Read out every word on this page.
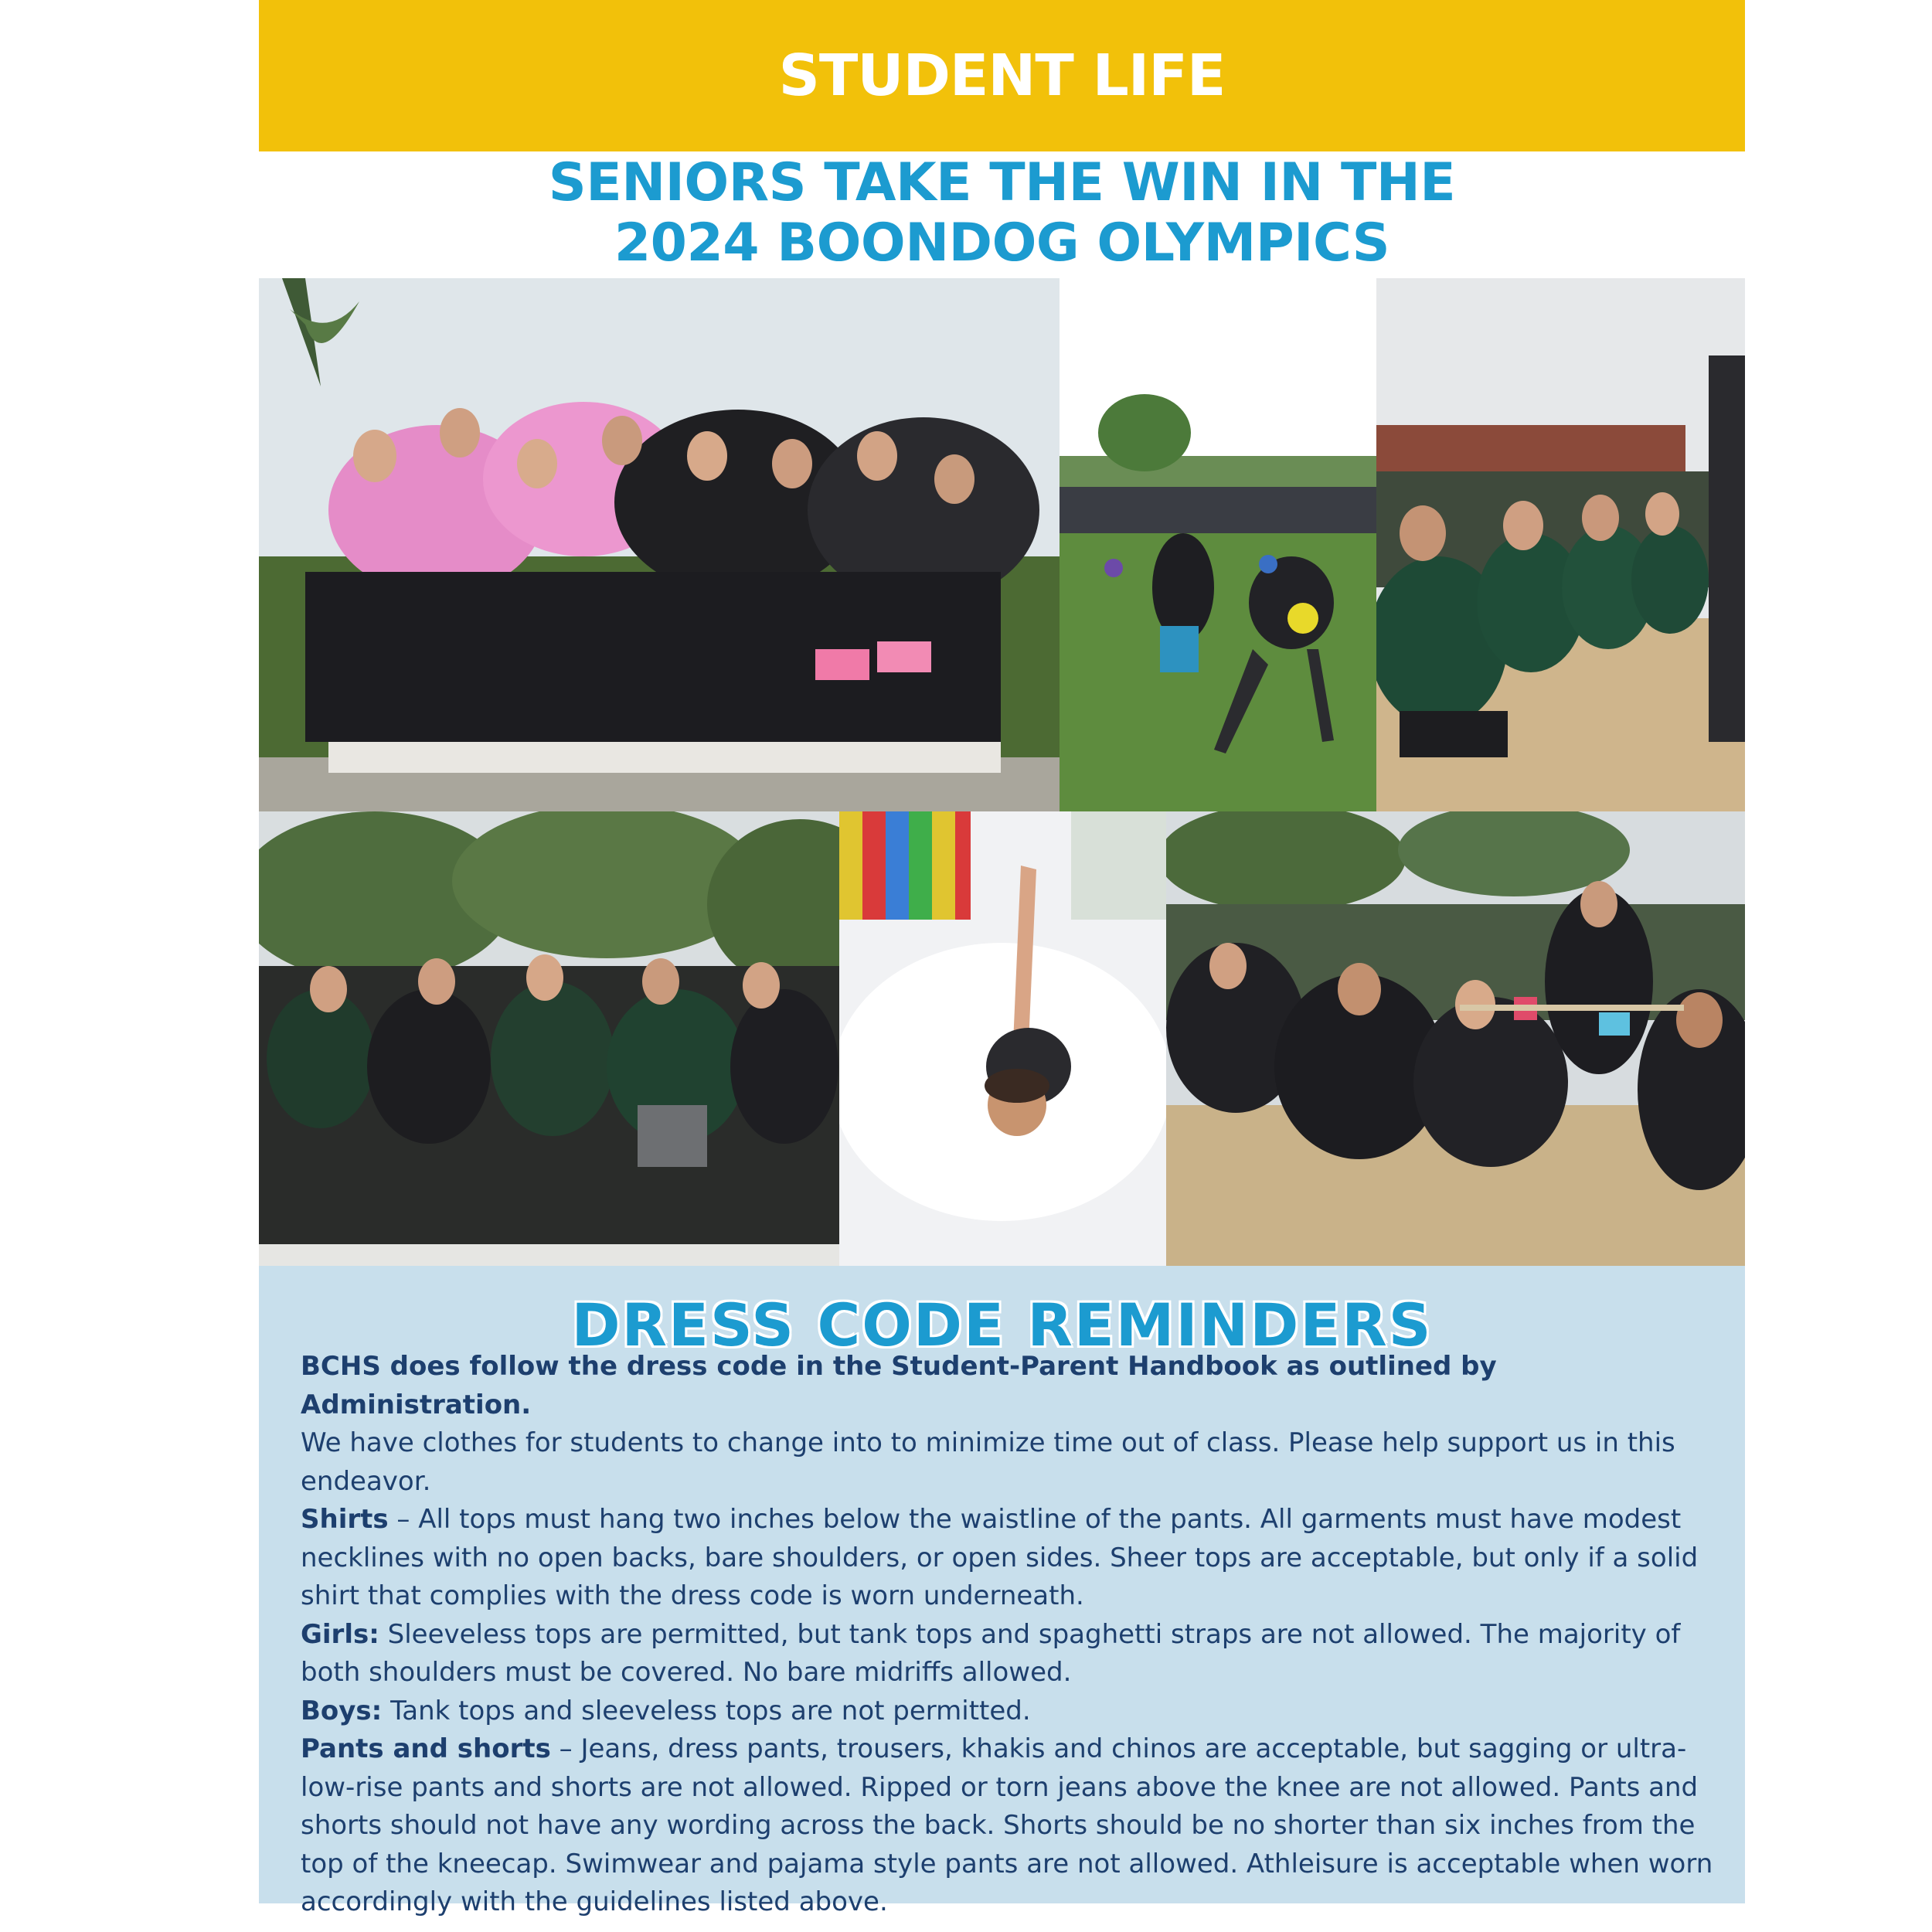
STUDENT LIFE
SENIORS TAKE THE WIN IN THE
2024 BOONDOG OLYMPICS
DRESS CODE REMINDERS

BCHS does follow the dress code in the Student-Parent Handbook as outlined by Administration.

We have clothes for students to change into to minimize time out of class. Please help support us in this endeavor.

Shirts – All tops must hang two inches below the waistline of the pants. All garments must have modest necklines with no open backs, bare shoulders, or open sides. Sheer tops are acceptable, but only if a solid shirt that complies with the dress code is worn underneath.

Girls: Sleeveless tops are permitted, but tank tops and spaghetti straps are not allowed. The majority of both shoulders must be covered. No bare midriffs allowed.

Boys: Tank tops and sleeveless tops are not permitted.

Pants and shorts – Jeans, dress pants, trousers, khakis and chinos are acceptable, but sagging or ultra-low-rise pants and shorts are not allowed. Ripped or torn jeans above the knee are not allowed. Pants and shorts should not have any wording across the back. Shorts should be no shorter than six inches from the top of the kneecap. Swimwear and pajama style pants are not allowed. Athleisure is acceptable when worn accordingly with the guidelines listed above.
